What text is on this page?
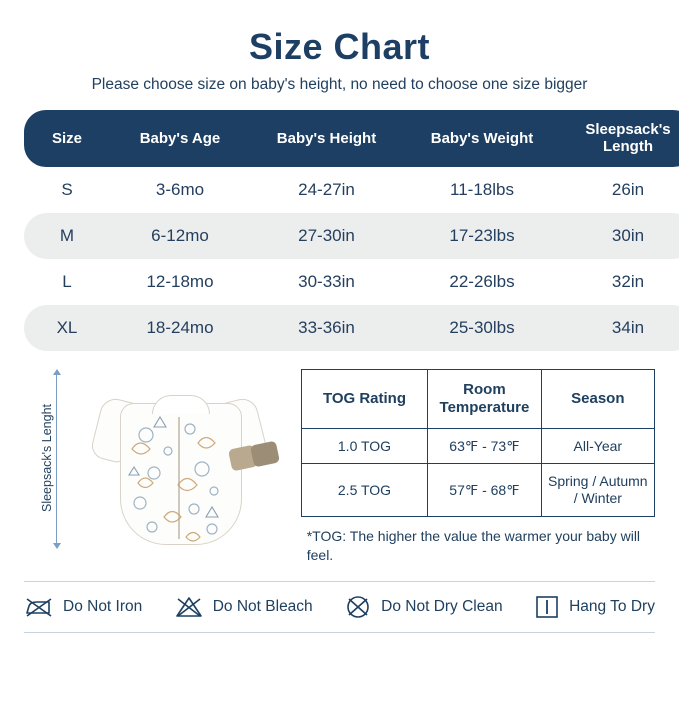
Size Chart
Please choose size on baby's height, no need to choose one size bigger
Size	Baby's Age	Baby's Height	Baby's Weight	Sleepsack's Length
S	3-6mo	24-27in	11-18lbs	26in
M	6-12mo	27-30in	17-23lbs	30in
L	12-18mo	30-33in	22-26lbs	32in
XL	18-24mo	33-36in	25-30lbs	34in
Sleepsack's Lenght
TOG Rating	Room Temperature	Season
1.0 TOG	63℉ - 73℉	All-Year
2.5 TOG	57℉ - 68℉	Spring / Autumn / Winter
*TOG: The higher the value the warmer your baby will feel.
Do Not Iron	Do Not Bleach	Do Not Dry Clean	Hang To Dry
